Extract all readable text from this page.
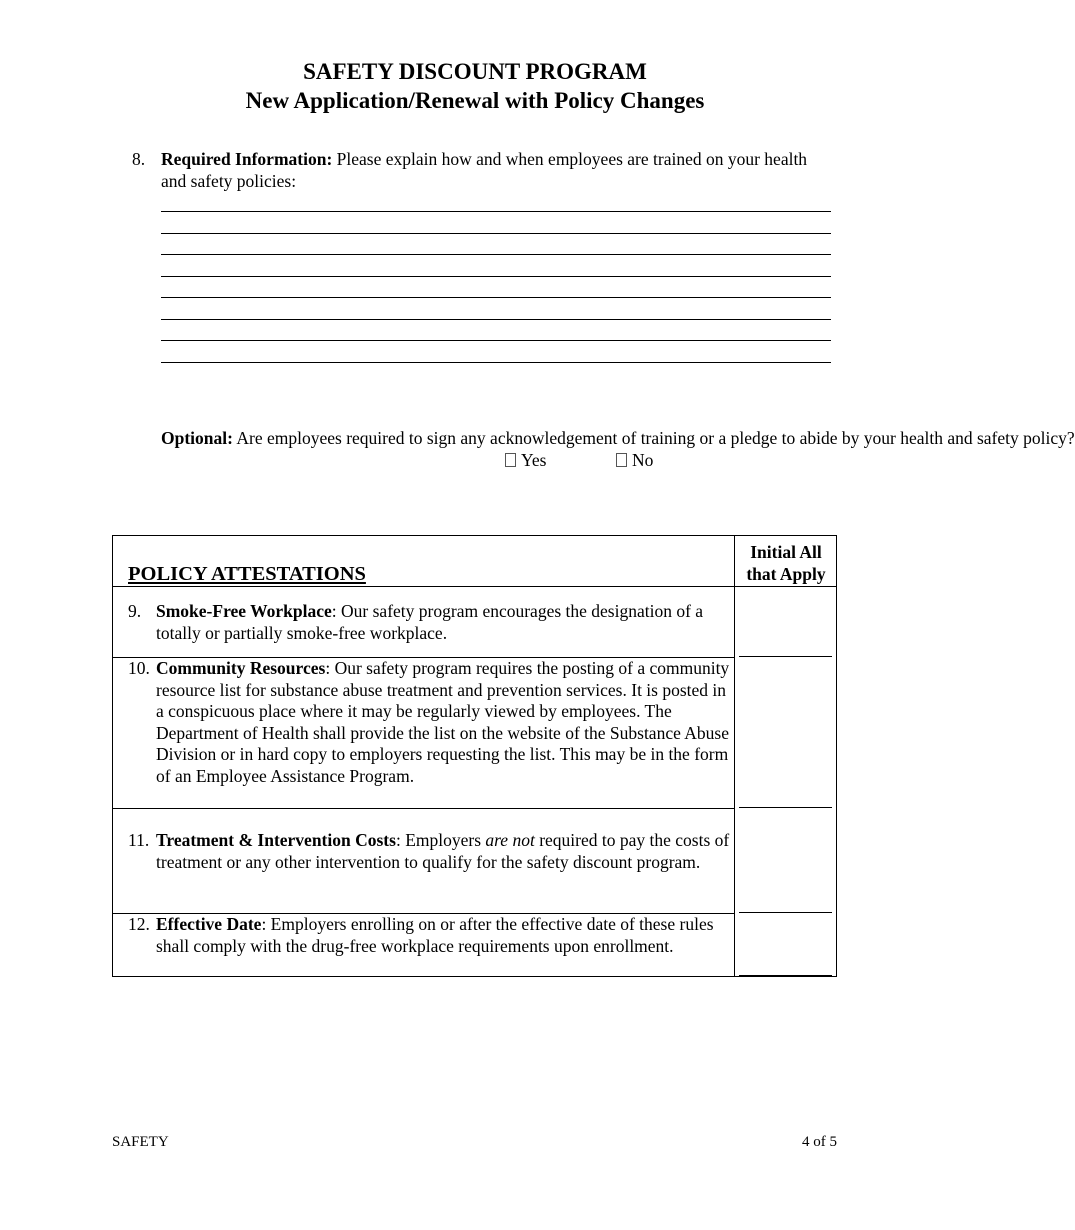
SAFETY DISCOUNT PROGRAM
New Application/Renewal with Policy Changes
8. Required Information: Please explain how and when employees are trained on your health and safety policies:
Optional: Are employees required to sign any acknowledgement of training or a pledge to abide by your health and safety policy?
Yes	No
POLICY ATTESTATIONS
Initial All that Apply
9. Smoke-Free Workplace: Our safety program encourages the designation of a totally or partially smoke-free workplace.
10. Community Resources: Our safety program requires the posting of a community resource list for substance abuse treatment and prevention services. It is posted in a conspicuous place where it may be regularly viewed by employees. The Department of Health shall provide the list on the website of the Substance Abuse Division or in hard copy to employers requesting the list. This may be in the form of an Employee Assistance Program.
11. Treatment & Intervention Costs: Employers are not required to pay the costs of treatment or any other intervention to qualify for the safety discount program.
12. Effective Date: Employers enrolling on or after the effective date of these rules shall comply with the drug-free workplace requirements upon enrollment.
SAFETY	4 of 5
